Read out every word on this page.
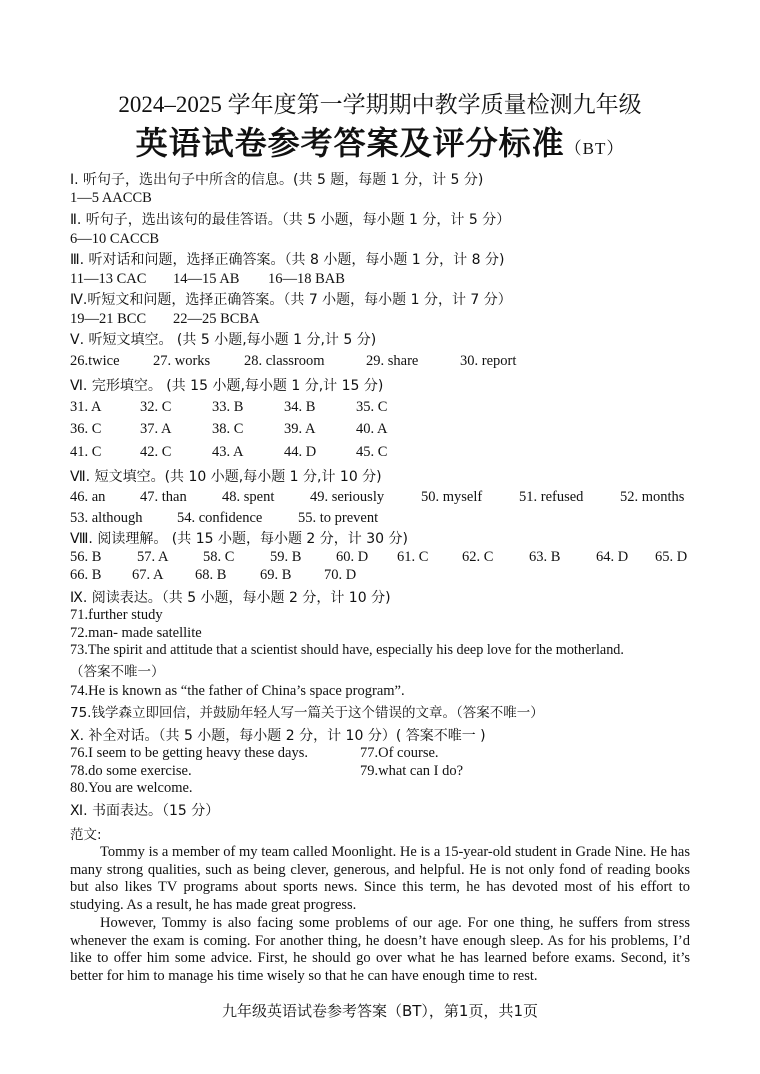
2024–2025 学年度第一学期期中教学质量检测九年级
英语试卷参考答案及评分标准（BT）
Ⅰ. 听句子，选出句子中所含的信息。(共 5 题，每题 1 分，计 5 分)
1—5 AACCB
Ⅱ. 听句子，选出该句的最佳答语。（共 5 小题，每小题 1 分，计 5 分）
6—10 CACCB
Ⅲ. 听对话和问题，选择正确答案。（共 8 小题，每小题 1 分，计 8 分)
11—13 CAC 14—15 AB 16—18 BAB
Ⅳ.听短文和问题，选择正确答案。（共 7 小题，每小题 1 分，计 7 分）
19—21 BCC 22—25 BCBA
Ⅴ. 听短文填空。 (共 5 小题,每小题 1 分,计 5 分)
26.twice 27. works 28. classroom	29. share	30. report
Ⅵ. 完形填空。 (共 15 小题,每小题 1 分,计 15 分)
31. A	32. C	33. B	34. B	35. C
36. C	37. A	38. C	39. A	40. A
41. C	42. C	43. A	44. D	45. C
Ⅶ. 短文填空。(共 10 小题,每小题 1 分,计 10 分)
46. an 47. than 48. spent 49. seriously	50. myself	51. refused	52. months
53. although 54. confidence 55. to prevent
Ⅷ. 阅读理解。 (共 15 小题，每小题 2 分，计 30 分)
56. B 57. A 58. C 59. B 60. D 61. C 62. C 63. B 64. D 65. D
66. B 67. A 68. B 69. B 70. D
Ⅸ. 阅读表达。（共 5 小题，每小题 2 分，计 10 分)
71.further study
72.man- made satellite
73.The spirit and attitude that a scientist should have, especially his deep love for the motherland.
（答案不唯一）
74.He is known as “the father of China’s space program”.
75.钱学森立即回信，并鼓励年轻人写一篇关于这个错误的文章。（答案不唯一）
Ⅹ. 补全对话。（共 5 小题，每小题 2 分，计 10 分）( 答案不唯一 )
76.I seem to be getting heavy these days.	77.Of course.
78.do some exercise.	79.what can I do?
80.You are welcome.
Ⅺ. 书面表达。（15 分）
范文:

Tommy is a member of my team called Moonlight. He is a 15-year-old student in Grade Nine. He has many strong qualities, such as being clever, generous, and helpful. He is not only fond of reading books but also likes TV programs about sports news. Since this term, he has devoted most of his effort to studying. As a result, he has made great progress.

However, Tommy is also facing some problems of our age. For one thing, he suffers from stress whenever the exam is coming. For another thing, he doesn’t have enough sleep. As for his problems, I’d like to offer him some advice. First, he should go over what he has learned before exams. Second, it’s better for him to manage his time wisely so that he can have enough time to rest.

九年级英语试卷参考答案（BT），第1页，共1页
